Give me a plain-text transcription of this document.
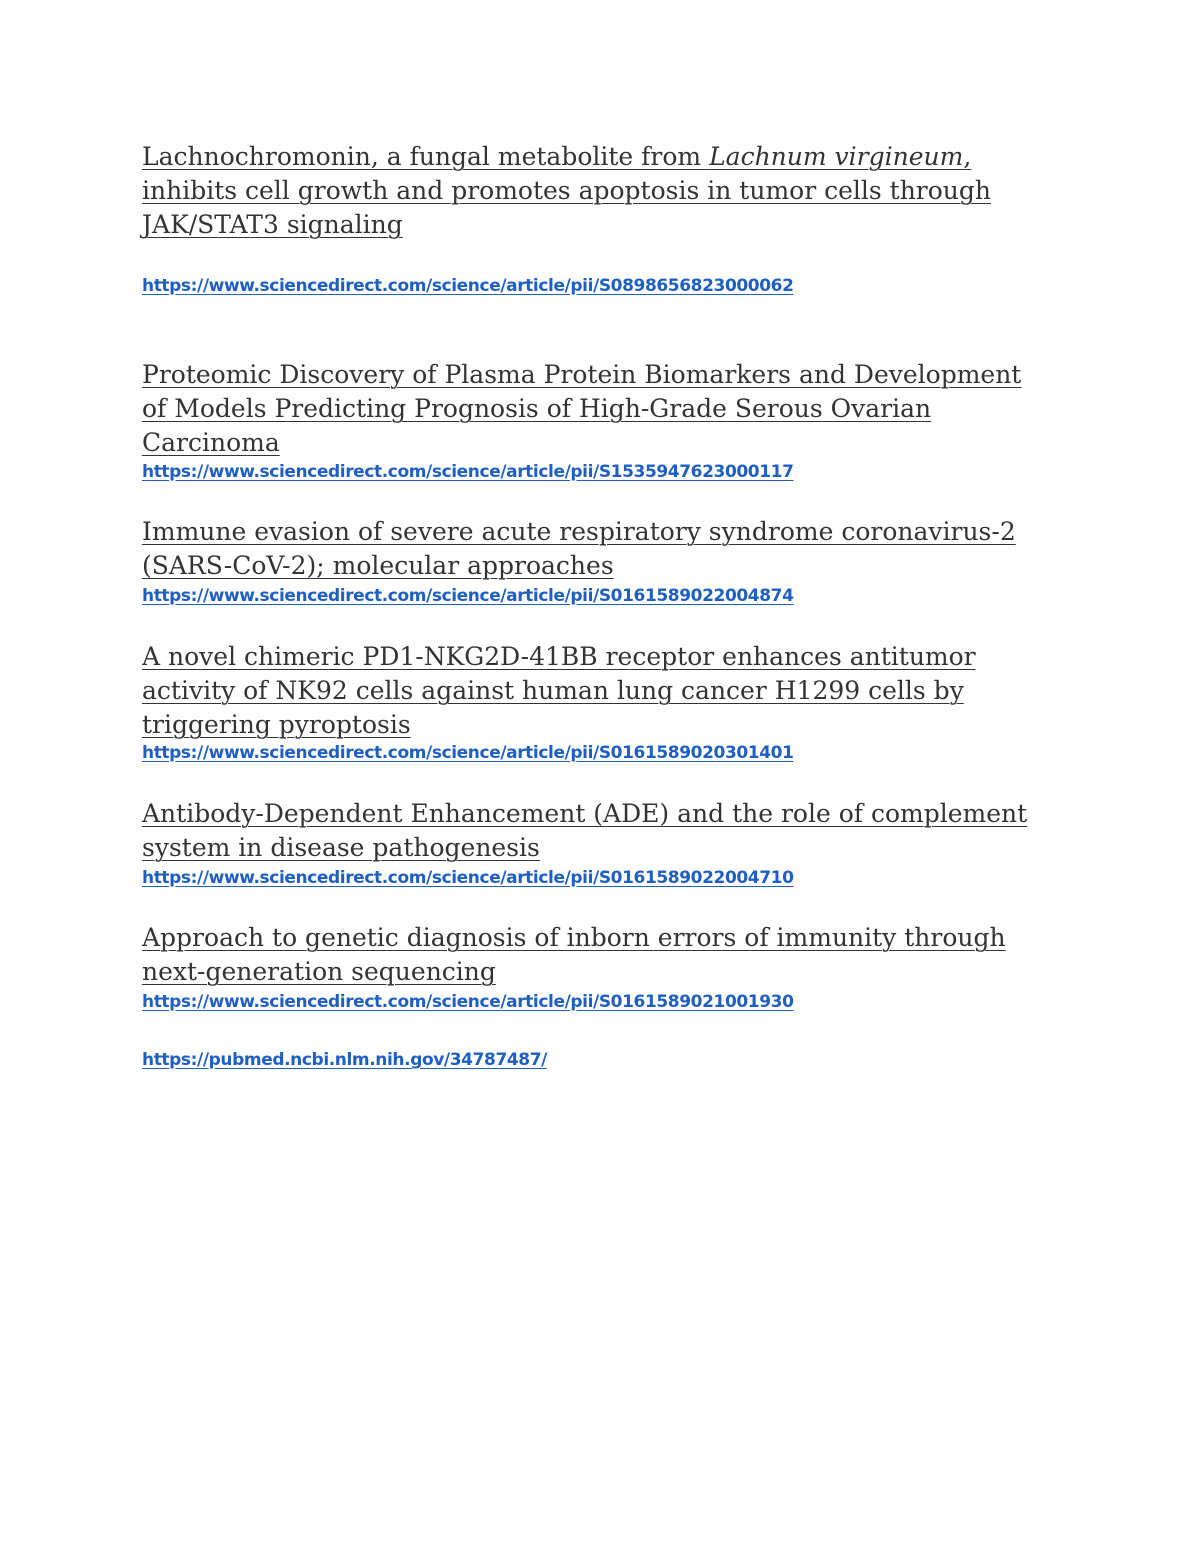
Lachnochromonin, a fungal metabolite from Lachnum virgineum,
inhibits cell growth and promotes apoptosis in tumor cells through
JAK/STAT3 signaling
https://www.sciencedirect.com/science/article/pii/S0898656823000062
Proteomic Discovery of Plasma Protein Biomarkers and Development
of Models Predicting Prognosis of High-Grade Serous Ovarian
Carcinoma
https://www.sciencedirect.com/science/article/pii/S1535947623000117
Immune evasion of severe acute respiratory syndrome coronavirus-2
(SARS-CoV-2); molecular approaches
https://www.sciencedirect.com/science/article/pii/S0161589022004874
A novel chimeric PD1-NKG2D-41BB receptor enhances antitumor
activity of NK92 cells against human lung cancer H1299 cells by
triggering pyroptosis
https://www.sciencedirect.com/science/article/pii/S0161589020301401
Antibody-Dependent Enhancement (ADE) and the role of complement
system in disease pathogenesis
https://www.sciencedirect.com/science/article/pii/S0161589022004710
Approach to genetic diagnosis of inborn errors of immunity through
next-generation sequencing
https://www.sciencedirect.com/science/article/pii/S0161589021001930
https://pubmed.ncbi.nlm.nih.gov/34787487/
